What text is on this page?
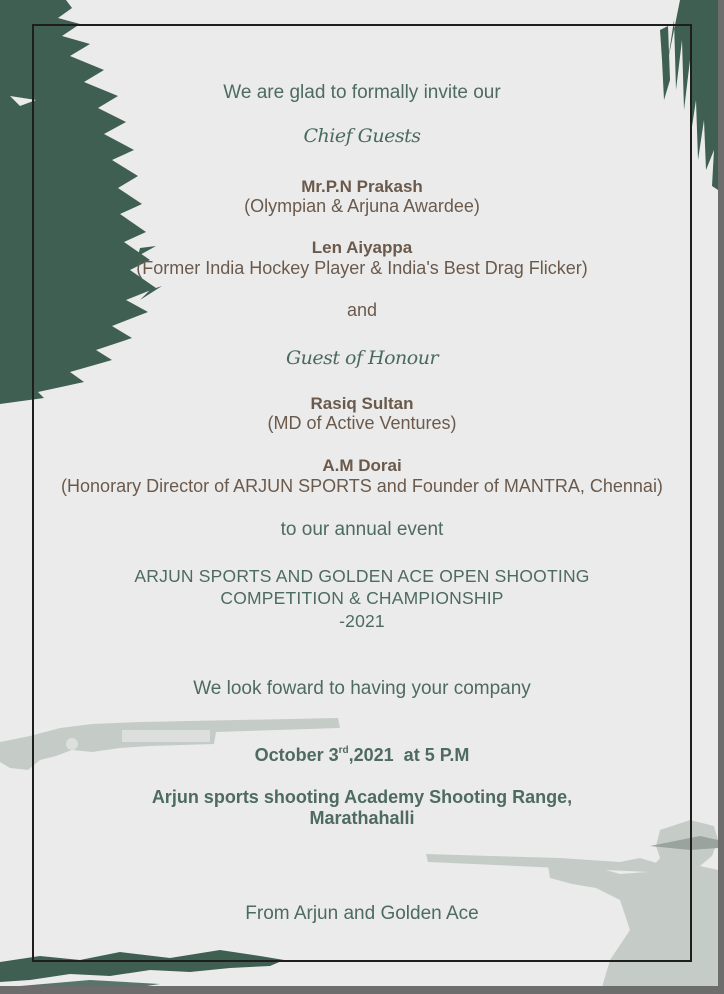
We are glad to formally invite our
Chief Guests
Mr.P.N Prakash
(Olympian & Arjuna Awardee)
Len Aiyappa
(Former India Hockey Player & India's Best Drag Flicker)
and
Guest of Honour
Rasiq Sultan
(MD of Active Ventures)
A.M Dorai
(Honorary Director of ARJUN SPORTS and Founder of MANTRA, Chennai)
to our annual event
ARJUN SPORTS AND GOLDEN ACE OPEN SHOOTING
COMPETITION & CHAMPIONSHIP
-2021
We look foward to having your company
October 3rd,2021  at 5 P.M
Arjun sports shooting Academy Shooting Range,
Marathahalli
From Arjun and Golden Ace
